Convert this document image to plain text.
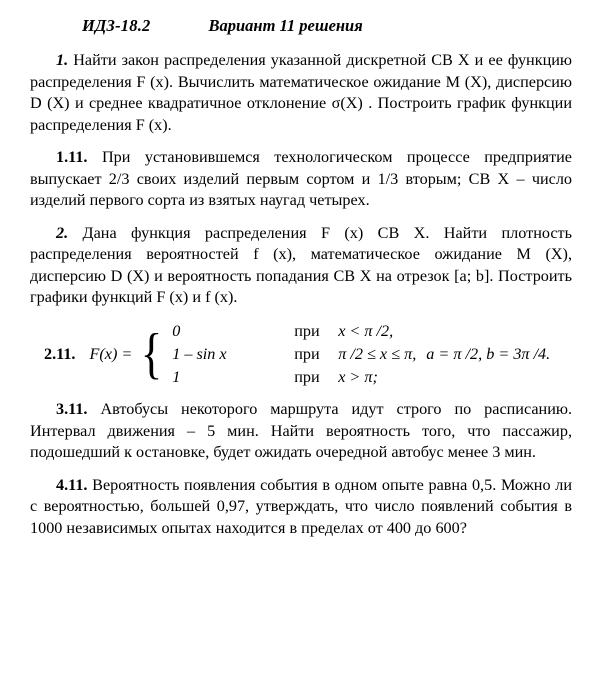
ИДЗ-18.2	Вариант 11 решения

1. Найти закон распределения указанной дискретной СВ X и ее функцию распределения F (x). Вычислить математическое ожидание M (X), дисперсию D (X) и среднее квадратичное отклонение σ(X) . Построить график функции распределения F (x).

1.11. При установившемся технологическом процессе предприятие выпускает 2/3 своих изделий первым сортом и 1/3 вторым; СВ X – число изделий первого сорта из взятых наугад четырех.

2. Дана функция распределения F (x) СВ X. Найти плотность распределения вероятностей f (x), математическое ожидание M (X), дисперсию D (X) и вероятность попадания СВ X на отрезок [a; b]. Построить графики функций F (x) и f (x).

2.11. F(x) = { 0	при	x < π /2,
1 – sin x	при	π /2 ≤ x ≤ π, a = π /2, b = 3π /4.
1	при	x > π;

3.11. Автобусы некоторого маршрута идут строго по расписанию. Интервал движения – 5 мин. Найти вероятность того, что пассажир, подошедший к остановке, будет ожидать очередной автобус менее 3 мин.

4.11. Вероятность появления события в одном опыте равна 0,5. Можно ли с вероятностью, большей 0,97, утверждать, что число появлений события в 1000 независимых опытах находится в пределах от 400 до 600?
